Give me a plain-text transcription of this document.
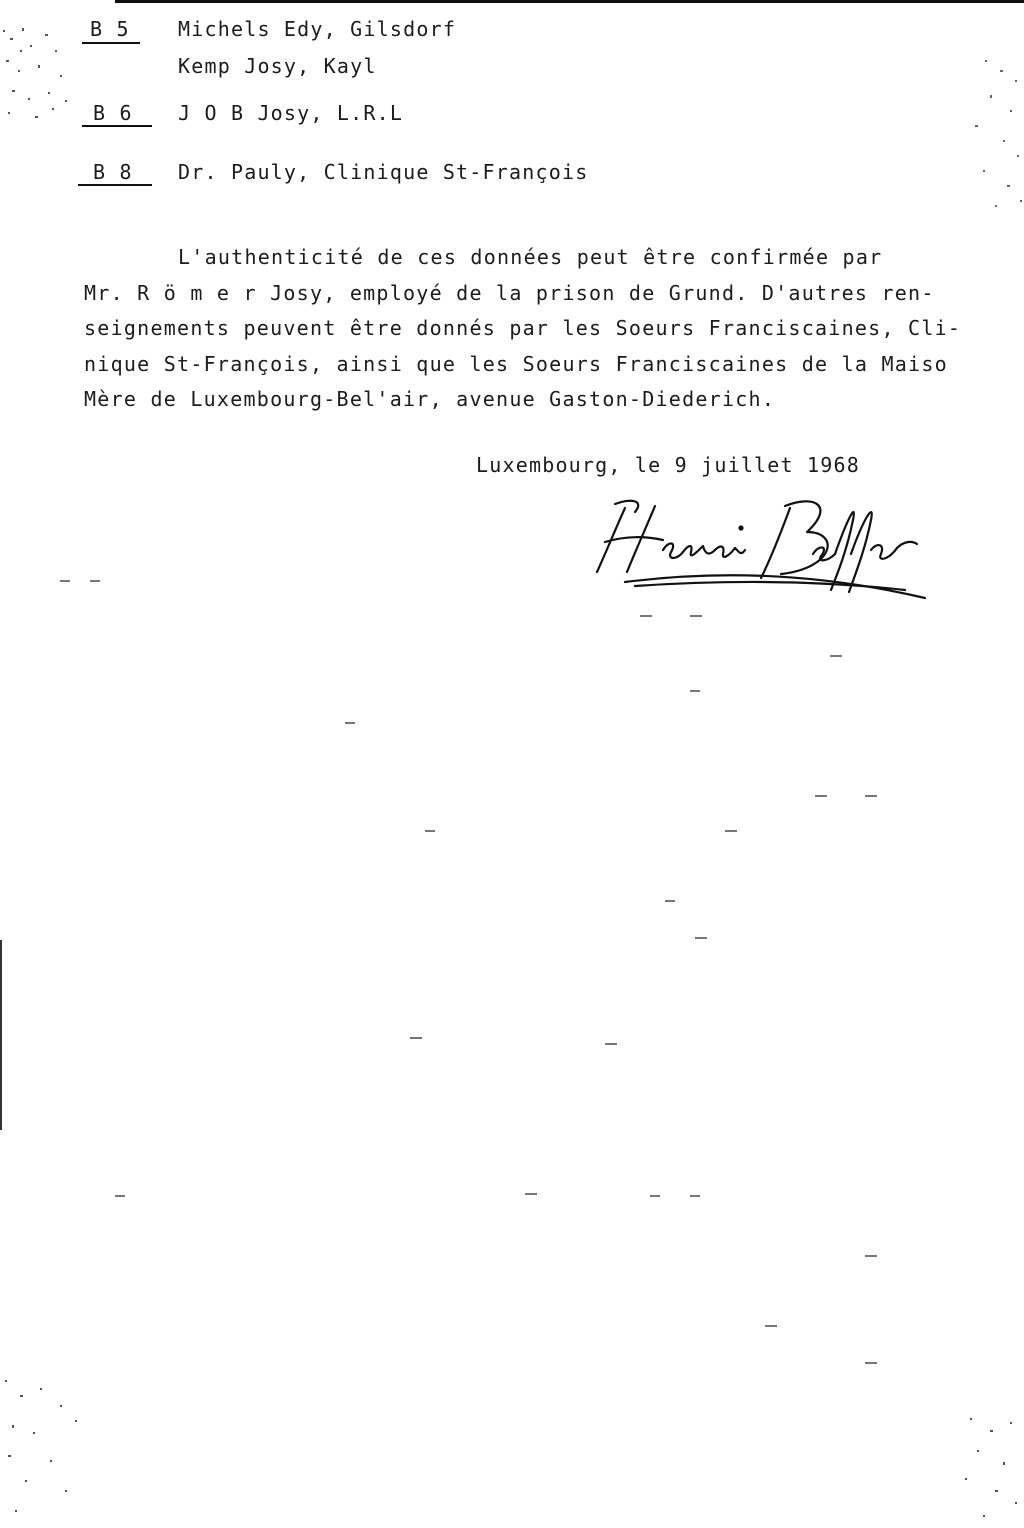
B 5 Michels Edy, Gilsdorf
Kemp Josy, Kayl
B 6 J O B Josy, L.R.L
B 8 Dr. Pauly, Clinique St-François
L'authenticité de ces données peut être confirmée par
Mr. R ö m e r Josy, employé de la prison de Grund. D'autres ren-
seignements peuvent être donnés par les Soeurs Franciscaines, Cli-
nique St-François, ainsi que les Soeurs Franciscaines de la Maiso
Mère de Luxembourg-Bel'air, avenue Gaston-Diederich.
Luxembourg, le 9 juillet 1968
